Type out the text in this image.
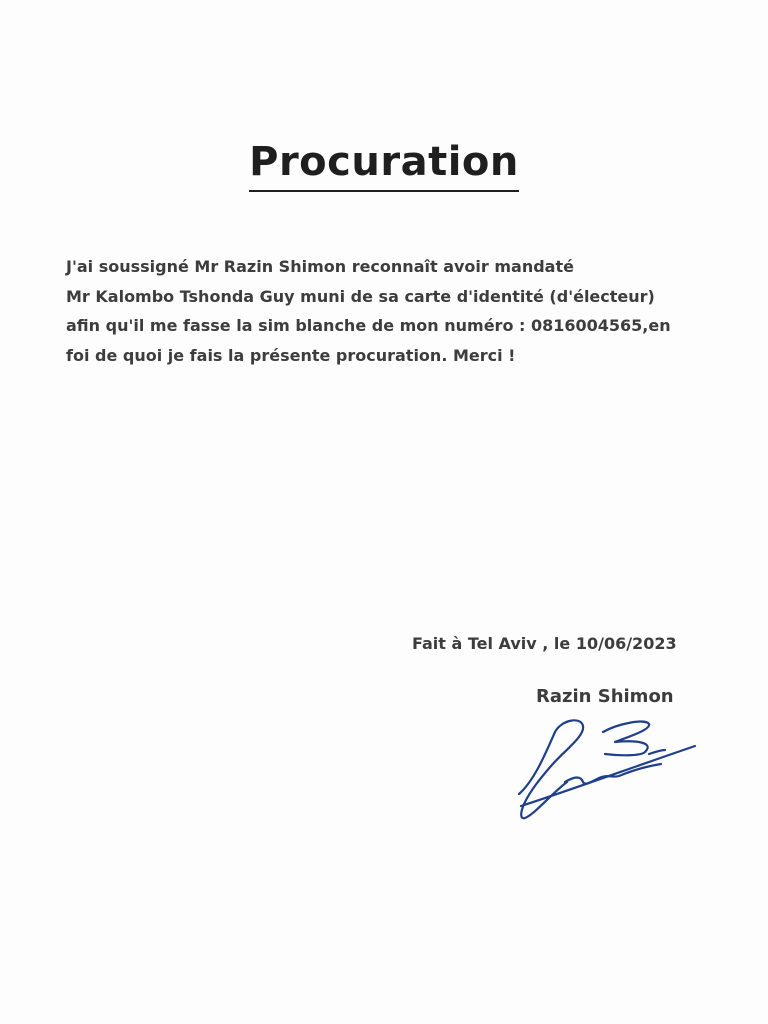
Procuration
J'ai soussigné Mr Razin Shimon reconnaît avoir mandaté
Mr Kalombo Tshonda Guy muni de sa carte d'identité (d'électeur)
afin qu'il me fasse la sim blanche de mon numéro : 0816004565,en
foi de quoi je fais la présente procuration. Merci !
Fait à Tel Aviv , le 10/06/2023
Razin Shimon
